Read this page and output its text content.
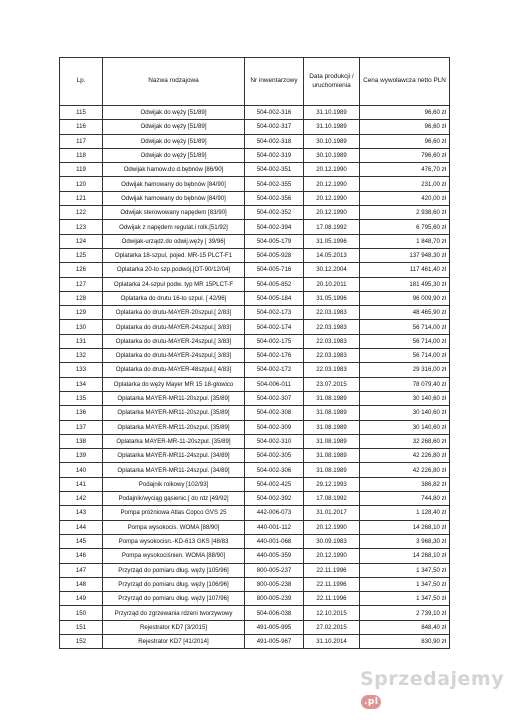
Lp.	Nazwa rodzajowa	Nr inwentarzowy	Data produkcji / uruchomienia	Cena wywoławcza netto PLN
115	Odwijak do węży [51/89]	504-002-316	31.10.1989	96,60 zł
116	Odwijak do węży [51/89]	504-002-317	31.10.1989	96,60 zł
117	Odwijak do węży [51/89]	504-002-318	30.10.1989	96,60 zł
118	Odwijak do węży [51/89]	504-002-319	30.10.1989	796,60 zł
119	Odwijak hamow.do d.bębnów [86/90]	504-002-351	20.12.1990	476,70 zł
120	Odwijak hamowany do bębnów [84/90]	504-002-355	20.12.1990	231,00 zł
121	Odwijak hamowany do bębnów [84/90]	504-002-356	20.12.1990	420,00 zł
122	Odwijak sterowowany napędem [83/90]	504-002-352	20.12.1990	2 938,60 zł
123	Odwijak z napędem regulat.i rolk.[51/92]	504-002-394	17.08.1992	6 795,60 zł
124	Odwijak-urządz.do odwij.węży [ 39/96]	504-005-179	31.05.1996	1 848,70 zł
125	Oplatarka 18-szpul, pojed. MR-15 PLCT-F1	504-005-928	14.05.2013	137 948,30 zł
126	Oplatarka 20-to szp.podwój.[OT-90/12/04]	504-005-716	30.12.2004	117 461,40 zł
127	Oplatarka 24-szpul podw. typ MR 15PLCT-F	504-005-852	20.10.2011	181 495,30 zł
128	Oplatarka do drutu 16-to szpul. [ 42/96]	504-005-184	31.05.1996	96 009,90 zł
129	Oplatarka do drutu-MAYER-20szpul.[ 2/83]	504-002-173	22.03.1983	48 465,90 zł
130	Oplatarka do drutu-MAYER-24szpul.[ 3/83]	504-002-174	22.03.1983	56 714,00 zł
131	Oplatarka do drutu-MAYER-24szpul.[ 3/83]	504-002-175	22.03.1983	56 714,00 zł
132	Oplatarka do drutu-MAYER-24szpul.[ 3/83]	504-002-176	22.03.1983	56 714,00 zł
133	Oplatarka do drutu-MAYER-48szpul.[ 4/83]	504-002-172	22.03.1983	29 316,00 zł
134	Oplatarka do węży Mayer MR 15 18-głowico	504-006-011	23.07.2015	78 079,40 zł
135	Oplatarka MAYER-MR11-20szpul. [35/89]	504-002-307	31.08.1989	30 140,60 zł
136	Oplatarka MAYER-MR11-20szpul. [35/89]	504-002-308	31.08.1989	30 140,60 zł
137	Oplatarka MAYER-MR11-20szpul. [35/89]	504-002-309	31.08.1989	30 140,60 zł
138	Oplatarka MAYER-MR-11-20szpul. [35/89]	504-002-310	31.08.1989	32 268,60 zł
139	Oplatarka MAYER-MR11-24szpul. [34/89]	504-002-305	31.08.1989	42 226,80 zł
140	Oplatarka MAYER-MR11-24szpul. [34/89]	504-002-306	31.08.1989	42 226,80 zł
141	Podajnik rolkowy [102/93]	504-002-425	29.12.1993	386,82 zł
142	Podajnik/wyciąg gąsienic.[ do rdz [49/92]	504-002-392	17.08.1992	744,80 zł
143	Pompa próżniowa Atlas Copco GVS 25	442-006-073	31.01.2017	1 128,40 zł
144	Pompa wysokocis. WOMA [88/90]	440-001-112	20.12.1990	14 268,10 zł
145	Pompa wysokocisn.-KD-613 GKS [48/83	440-001-068	30.09.1983	3 968,30 zł
146	Pompa wysokociśnien. WOMA [88/90]	440-005-359	20.12.1990	14 268,10 zł
147	Przyrząd do pomiaru dług. węży [105/96]	800-005-237	22.11.1996	1 347,50 zł
148	Przyrząd do pomiaru dług. węży [106/96]	800-005-238	22.11.1996	1 347,50 zł
149	Przyrząd do pomiaru dług. węży [107/96]	800-005-239	22.11.1996	1 347,50 zł
150	Przyrząd do zgrzewania rdzeni tworzywowy	504-006-038	12.10.2015	2 739,10 zł
151	Rejestrator KD7 [3/2015]	491-005-995	27.02.2015	848,40 zł
152	Rejestrator KD7 [41/2014]	491-005-967	31.10.2014	830,90 zł
Sprzedajemy.pl
